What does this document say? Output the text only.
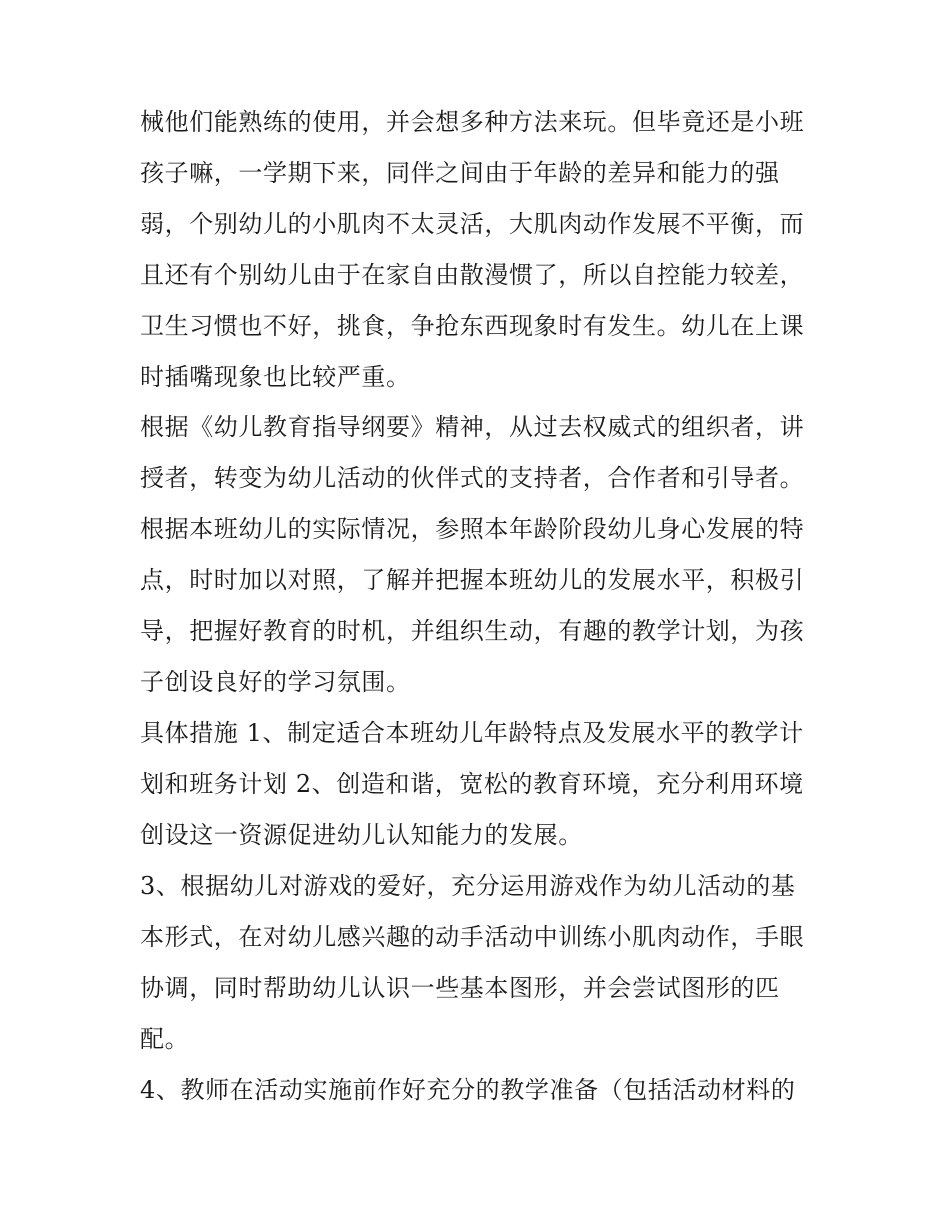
械他们能熟练的使用，并会想多种方法来玩。但毕竟还是小班
孩子嘛，一学期下来，同伴之间由于年龄的差异和能力的强
弱，个别幼儿的小肌肉不太灵活，大肌肉动作发展不平衡，而
且还有个别幼儿由于在家自由散漫惯了，所以自控能力较差，
卫生习惯也不好，挑食，争抢东西现象时有发生。幼儿在上课
时插嘴现象也比较严重。
根据《幼儿教育指导纲要》精神，从过去权威式的组织者，讲
授者，转变为幼儿活动的伙伴式的支持者，合作者和引导者。
根据本班幼儿的实际情况，参照本年龄阶段幼儿身心发展的特
点，时时加以对照，了解并把握本班幼儿的发展水平，积极引
导，把握好教育的时机，并组织生动，有趣的教学计划，为孩
子创设良好的学习氛围。
具体措施 1、制定适合本班幼儿年龄特点及发展水平的教学计
划和班务计划 2、创造和谐，宽松的教育环境，充分利用环境
创设这一资源促进幼儿认知能力的发展。
3、根据幼儿对游戏的爱好，充分运用游戏作为幼儿活动的基
本形式，在对幼儿感兴趣的动手活动中训练小肌肉动作，手眼
协调，同时帮助幼儿认识一些基本图形，并会尝试图形的匹
配。
4、教师在活动实施前作好充分的教学准备（包括活动材料的
